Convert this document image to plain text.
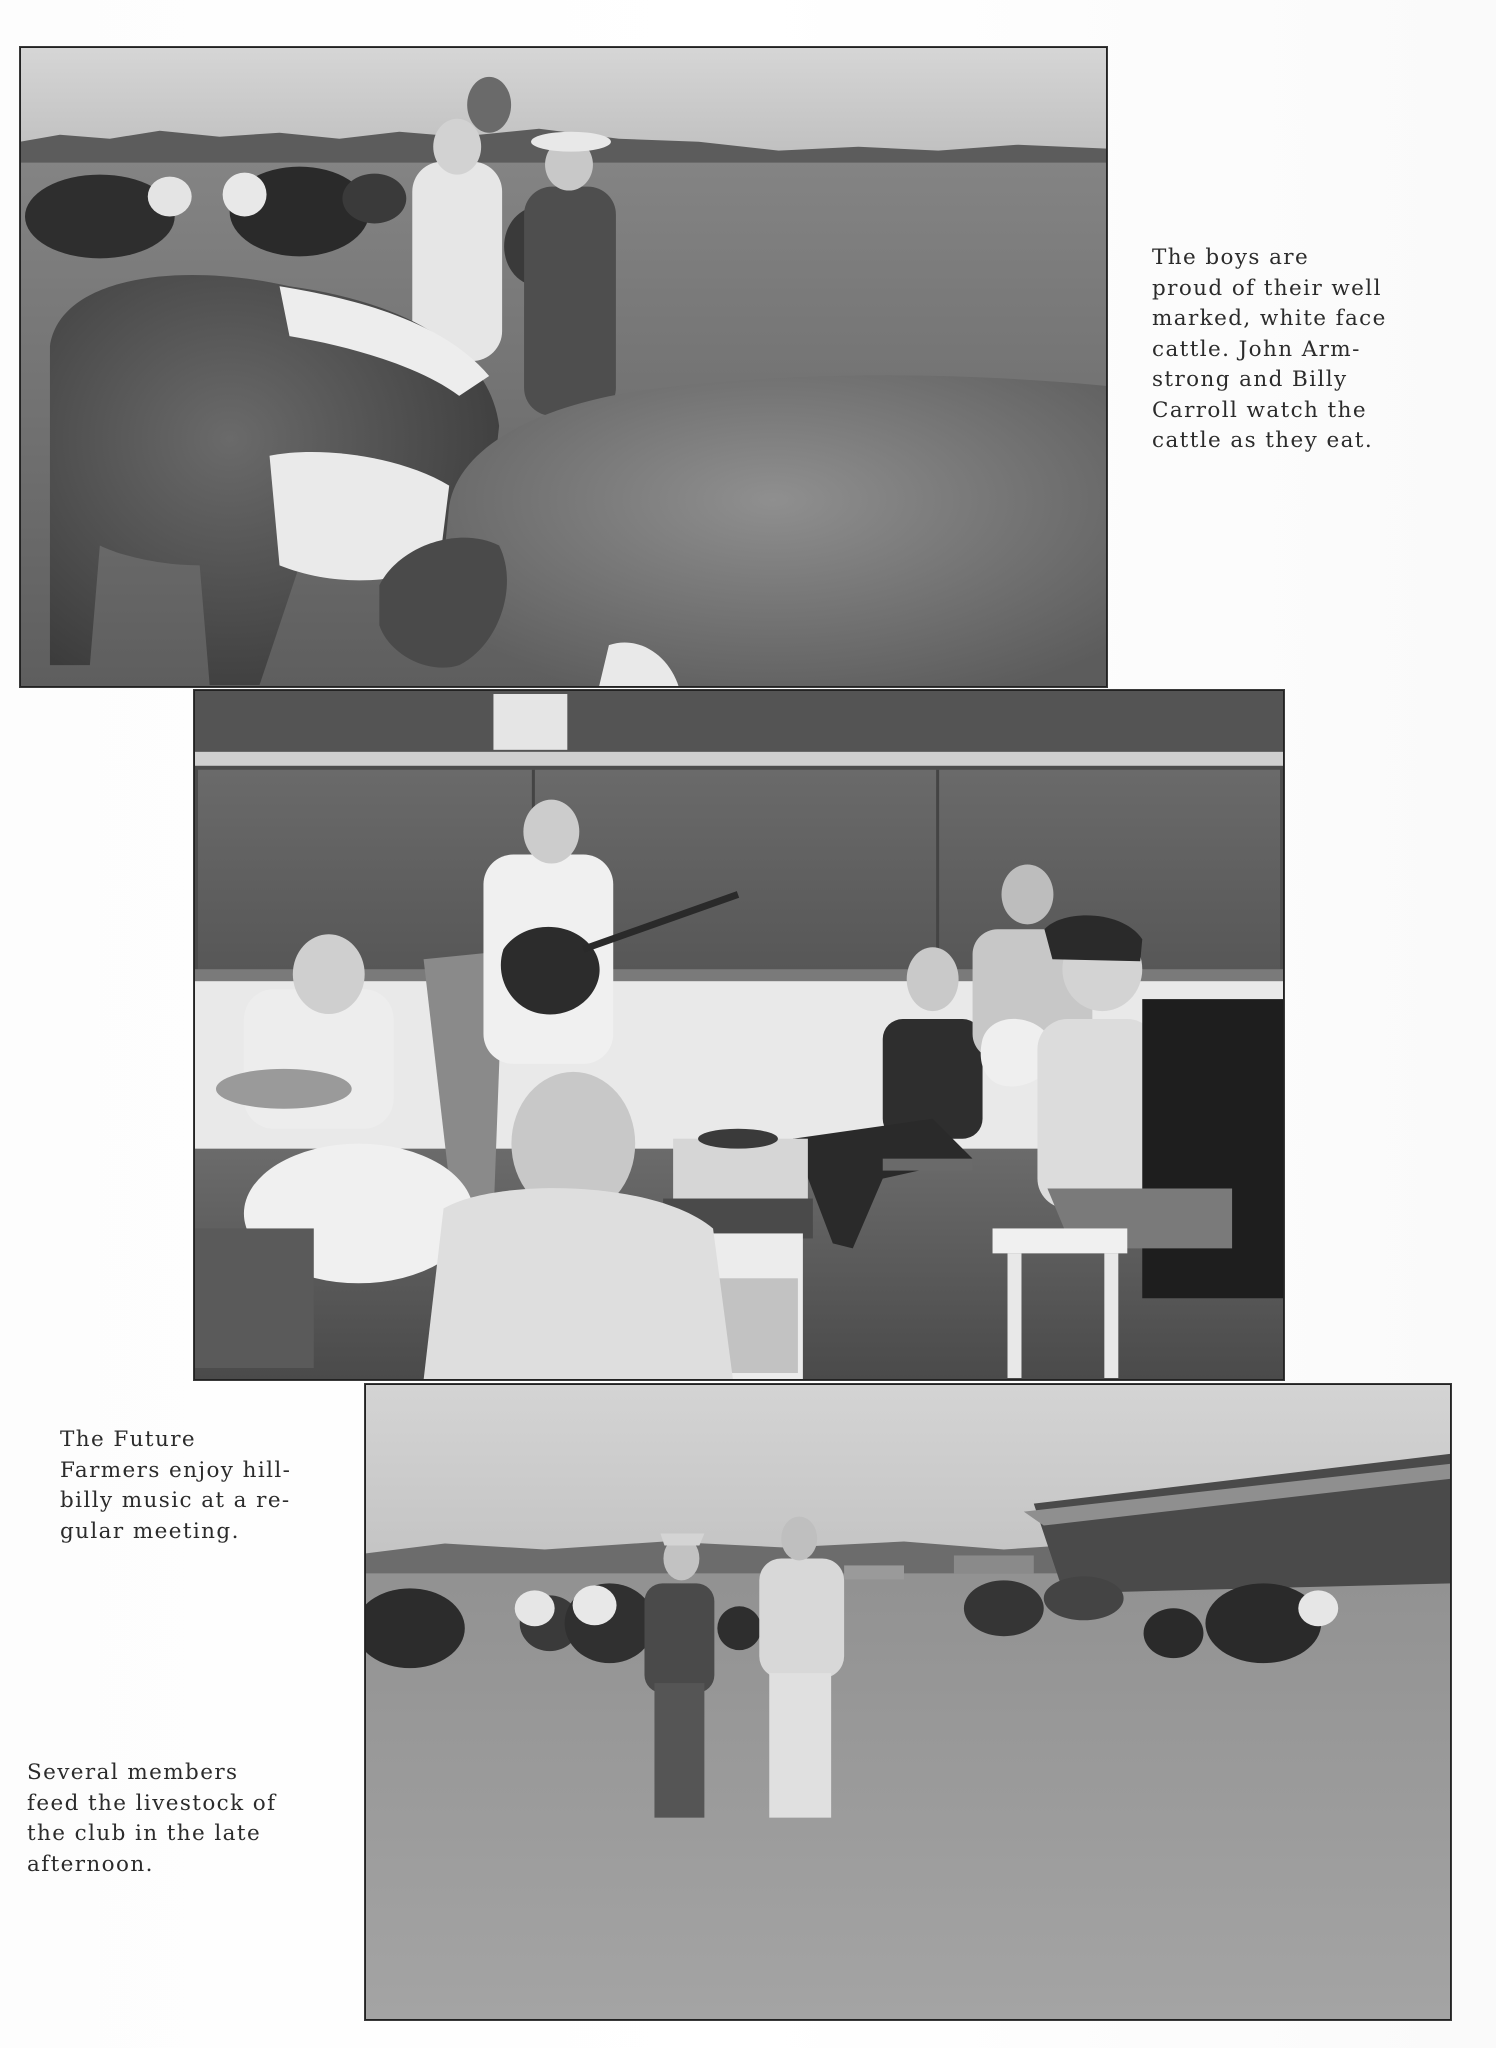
The boys are
proud of their well
marked, white face
cattle. John Arm-
strong and Billy
Carroll watch the
cattle as they eat.
The Future
Farmers enjoy hill-
billy music at a re-
gular meeting.
Several members
feed the livestock of
the club in the late
afternoon.
